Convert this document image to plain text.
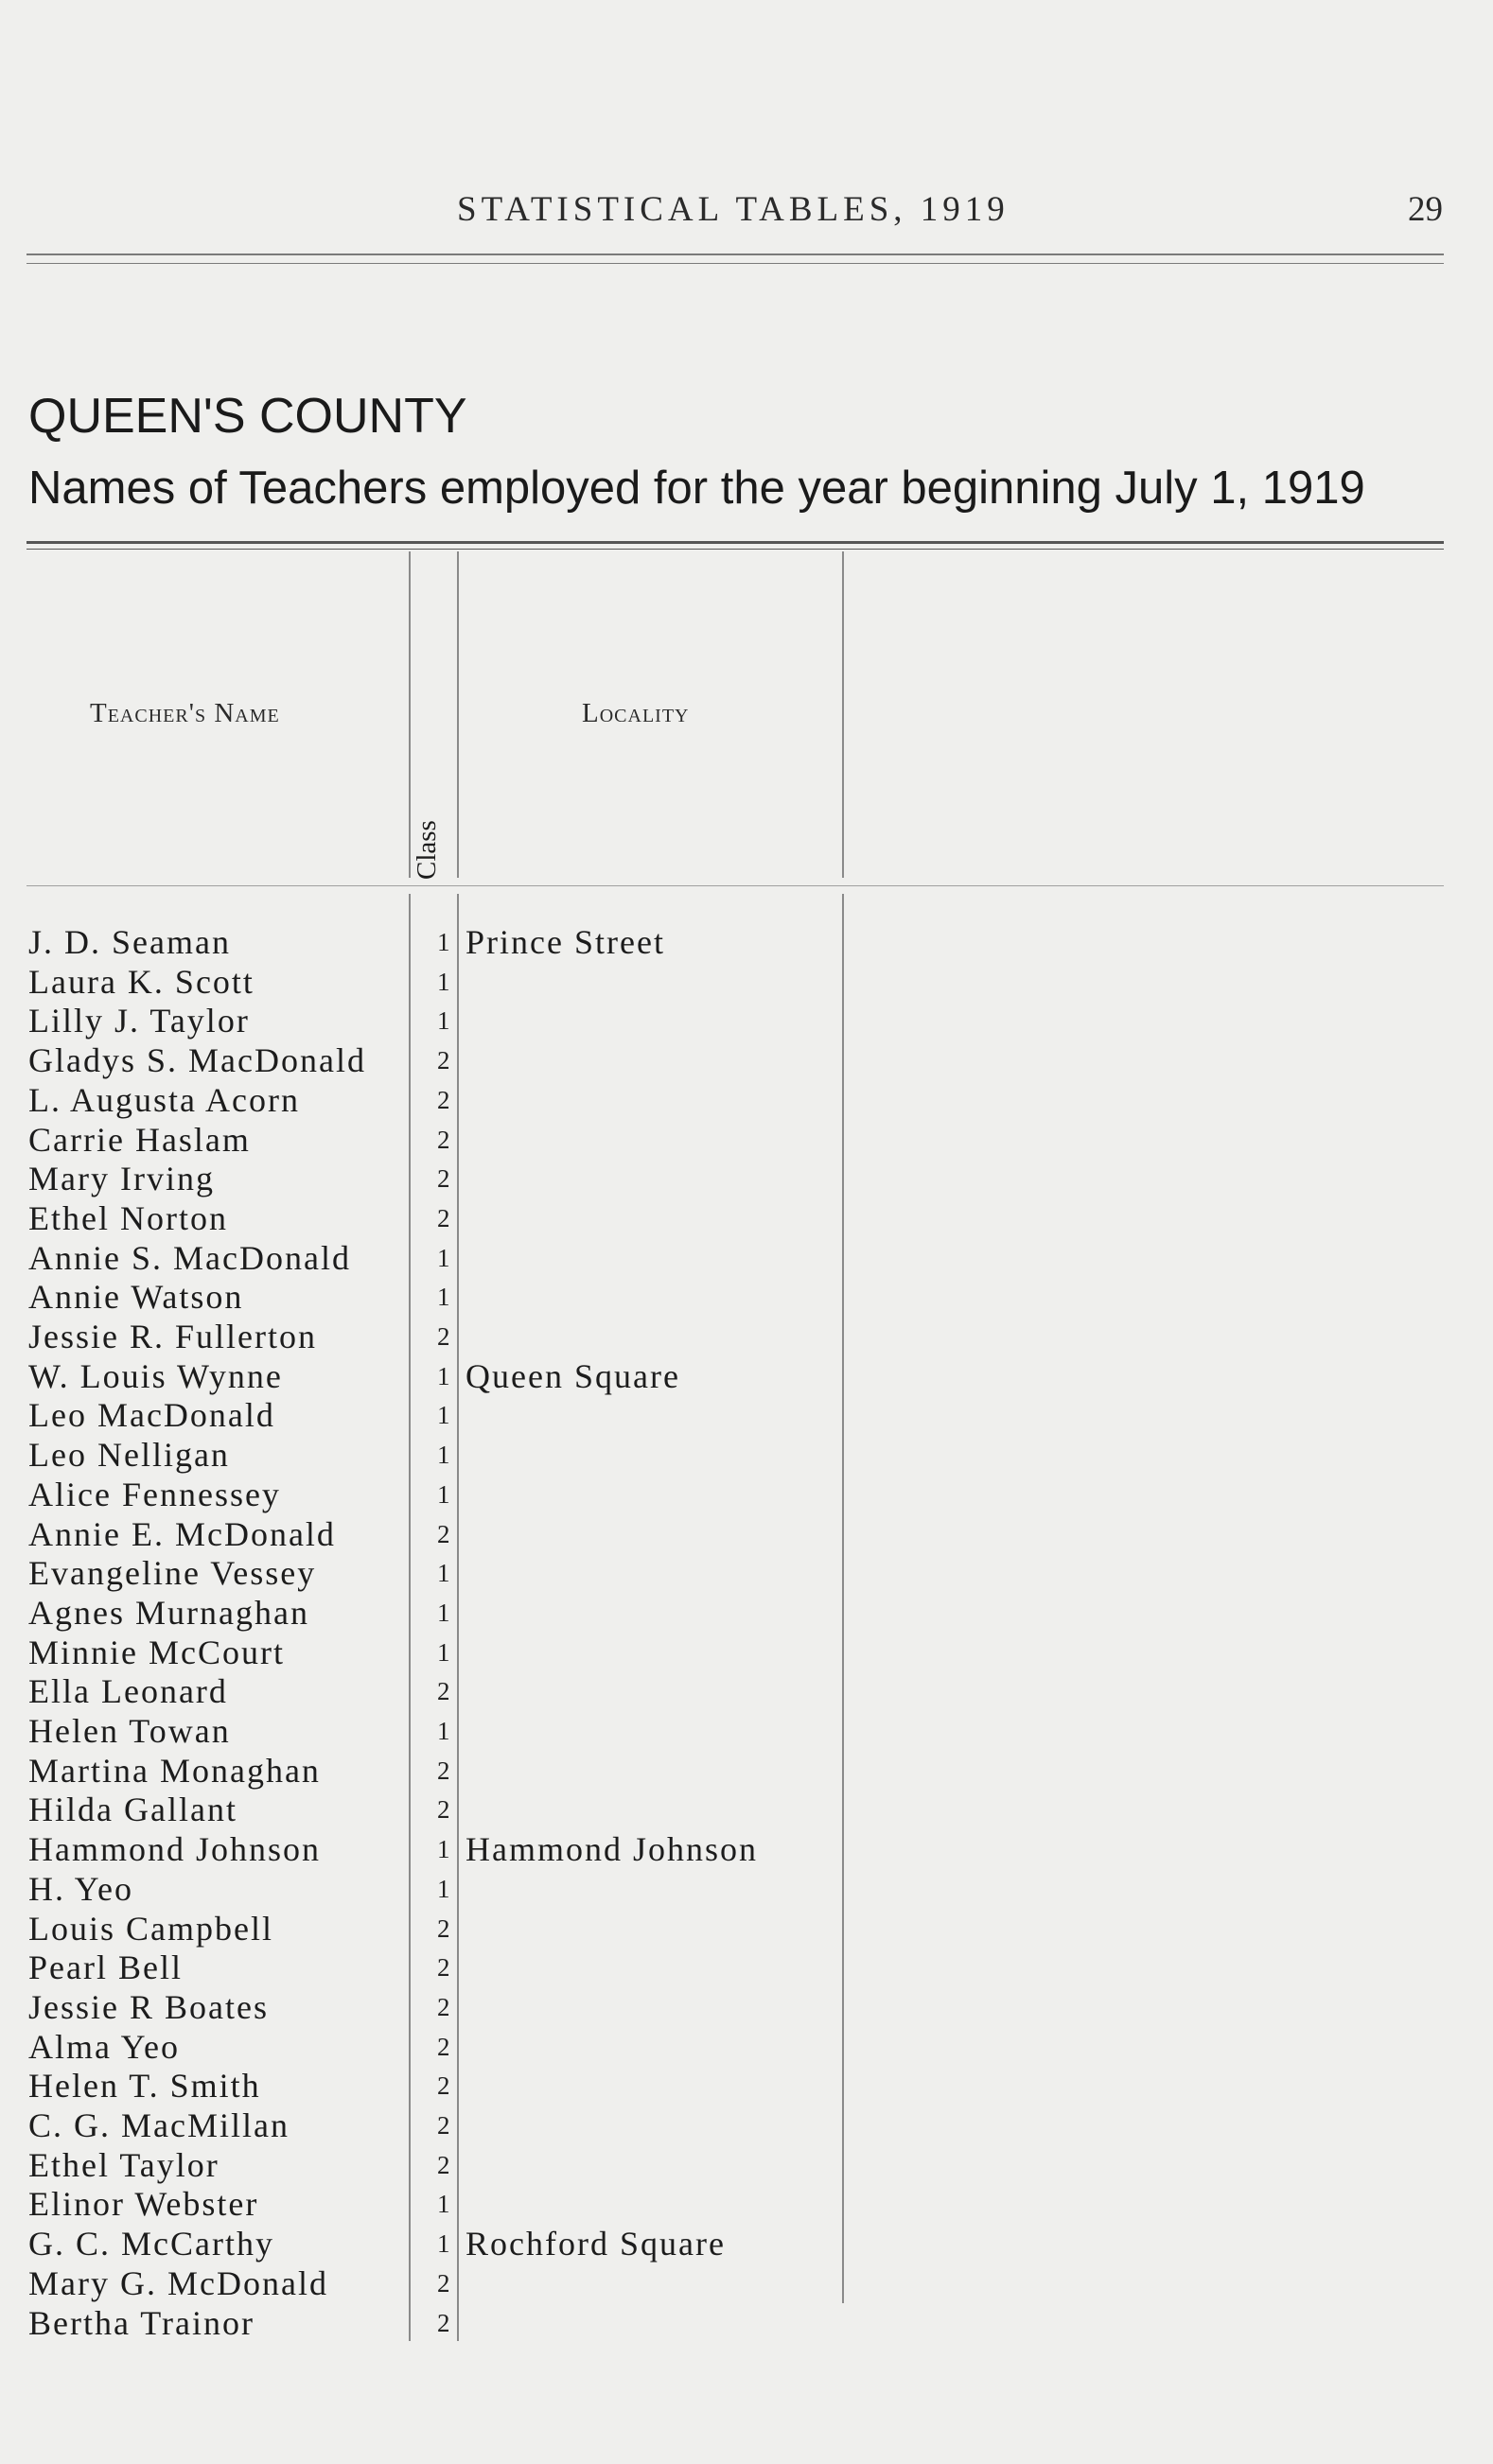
STATISTICAL TABLES, 1919	29
QUEEN'S COUNTY
Names of Teachers employed for the year beginning July 1, 1919
Teacher's Name
Class
Locality
J. D. Seaman	1 Prince Street
Laura K. Scott	1
Lilly J. Taylor	1
Gladys S. MacDonald	2
L. Augusta Acorn	2
Carrie Haslam	2
Mary Irving	2
Ethel Norton	2
Annie S. MacDonald	1
Annie Watson	1
Jessie R. Fullerton	2
W. Louis Wynne	1 Queen Square
Leo MacDonald	1
Leo Nelligan	1
Alice Fennessey	1
Annie E. McDonald	2
Evangeline Vessey	1
Agnes Murnaghan	1
Minnie McCourt	1
Ella Leonard	2
Helen Towan	1
Martina Monaghan	2
Hilda Gallant	2
Hammond Johnson	1 Hammond Johnson
H. Yeo	1
Louis Campbell	2
Pearl Bell	2
Jessie R Boates	2
Alma Yeo	2
Helen T. Smith	2
C. G. MacMillan	2
Ethel Taylor	2
Elinor Webster	1
G. C. McCarthy	1 Rochford Square
Mary G. McDonald	2
Bertha Trainor	2
